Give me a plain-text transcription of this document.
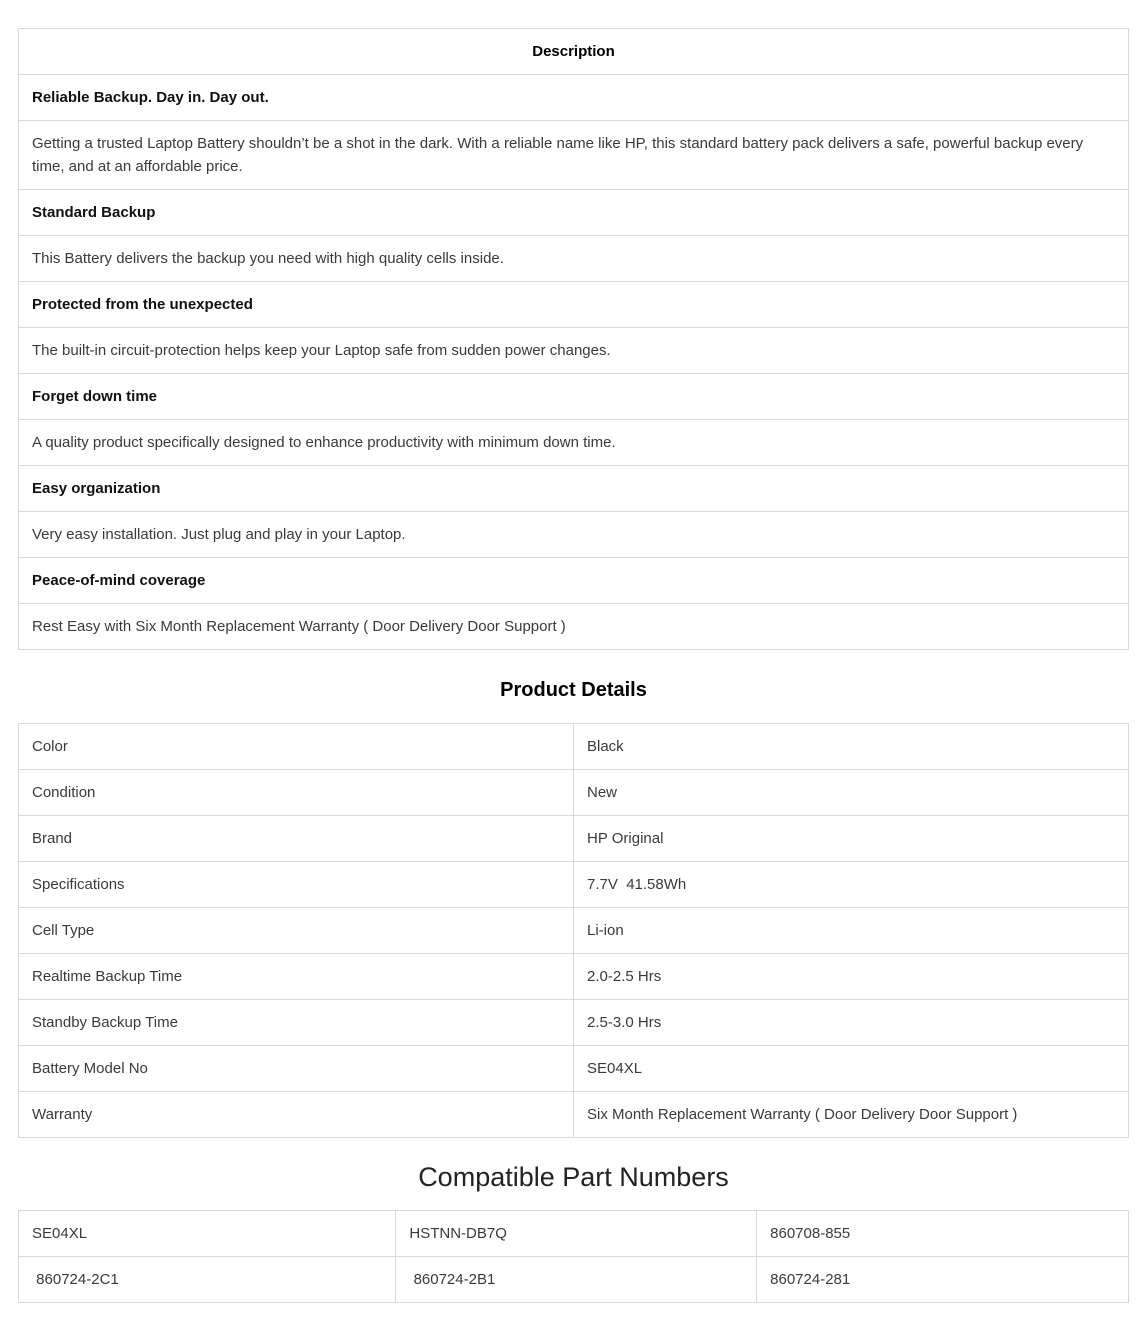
Description
Reliable Backup. Day in. Day out.
Getting a trusted Laptop Battery shouldn’t be a shot in the dark. With a reliable name like HP, this standard battery pack delivers a safe, powerful backup every time, and at an affordable price.
Standard Backup
This Battery delivers the backup you need with high quality cells inside.
Protected from the unexpected
The built-in circuit-protection helps keep your Laptop safe from sudden power changes.
Forget down time
A quality product specifically designed to enhance productivity with minimum down time.
Easy organization
Very easy installation. Just plug and play in your Laptop.
Peace-of-mind coverage
Rest Easy with Six Month Replacement Warranty ( Door Delivery Door Support )
Product Details
Color	Black
Condition	New
Brand	HP Original
Specifications	7.7V  41.58Wh
Cell Type	Li-ion
Realtime Backup Time	2.0-2.5 Hrs
Standby Backup Time	2.5-3.0 Hrs
Battery Model No	SE04XL
Warranty	Six Month Replacement Warranty ( Door Delivery Door Support )
Compatible Part Numbers
SE04XL	HSTNN-DB7Q	860708-855
860724-2C1	860724-2B1	860724-281
